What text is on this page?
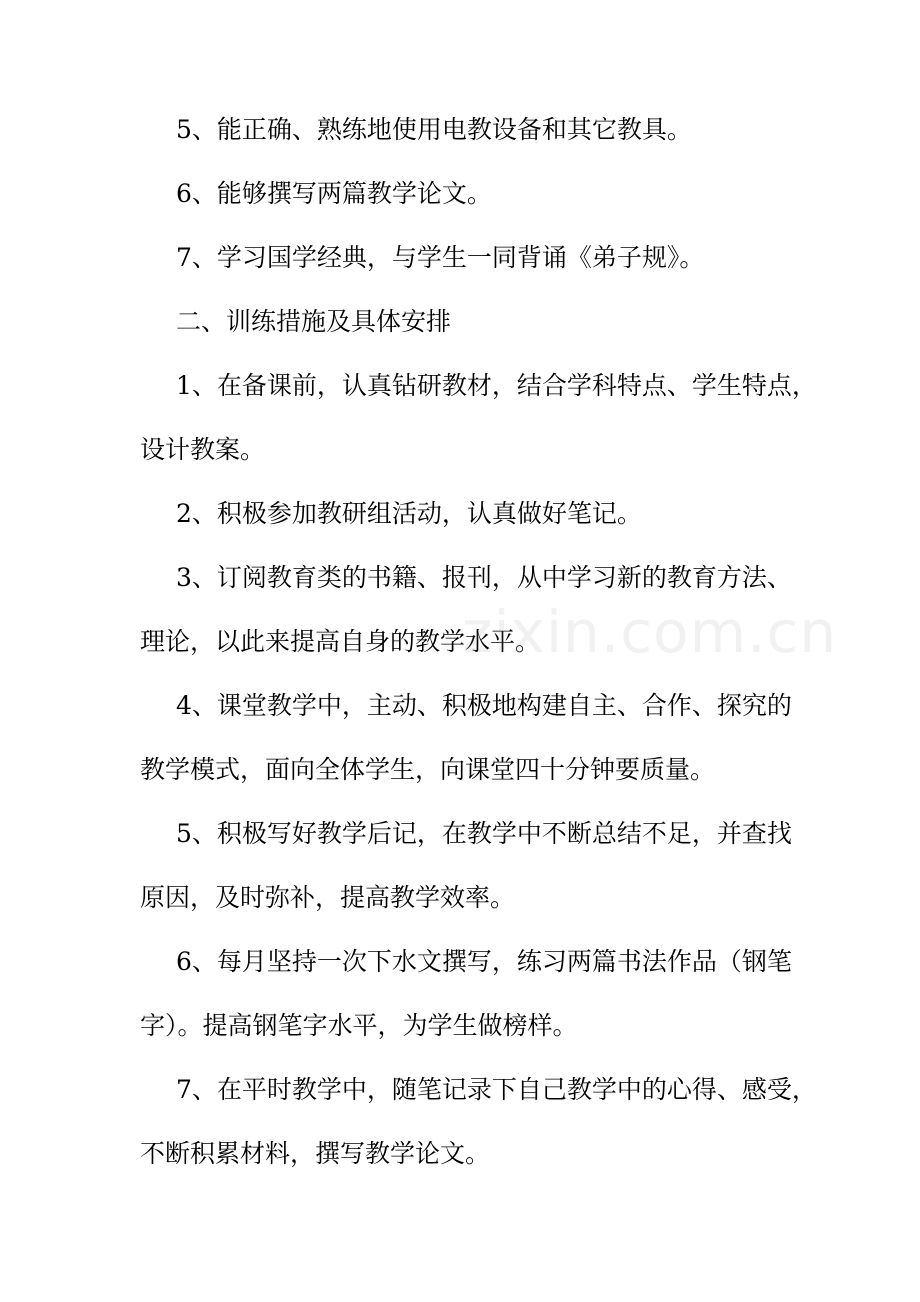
5、能正确、熟练地使用电教设备和其它教具。
6、能够撰写两篇教学论文。
7、学习国学经典，与学生一同背诵《弟子规》。
二、训练措施及具体安排
1、在备课前，认真钻研教材，结合学科特点、学生特点，
设计教案。
2、积极参加教研组活动，认真做好笔记。
3、订阅教育类的书籍、报刊，从中学习新的教育方法、
理论，以此来提高自身的教学水平。
4、课堂教学中，主动、积极地构建自主、合作、探究的
教学模式，面向全体学生，向课堂四十分钟要质量。
5、积极写好教学后记，在教学中不断总结不足，并查找
原因，及时弥补，提高教学效率。
6、每月坚持一次下水文撰写，练习两篇书法作品（钢笔
字）。提高钢笔字水平，为学生做榜样。
7、在平时教学中，随笔记录下自己教学中的心得、感受，
不断积累材料，撰写教学论文。
zixin.com.cn
